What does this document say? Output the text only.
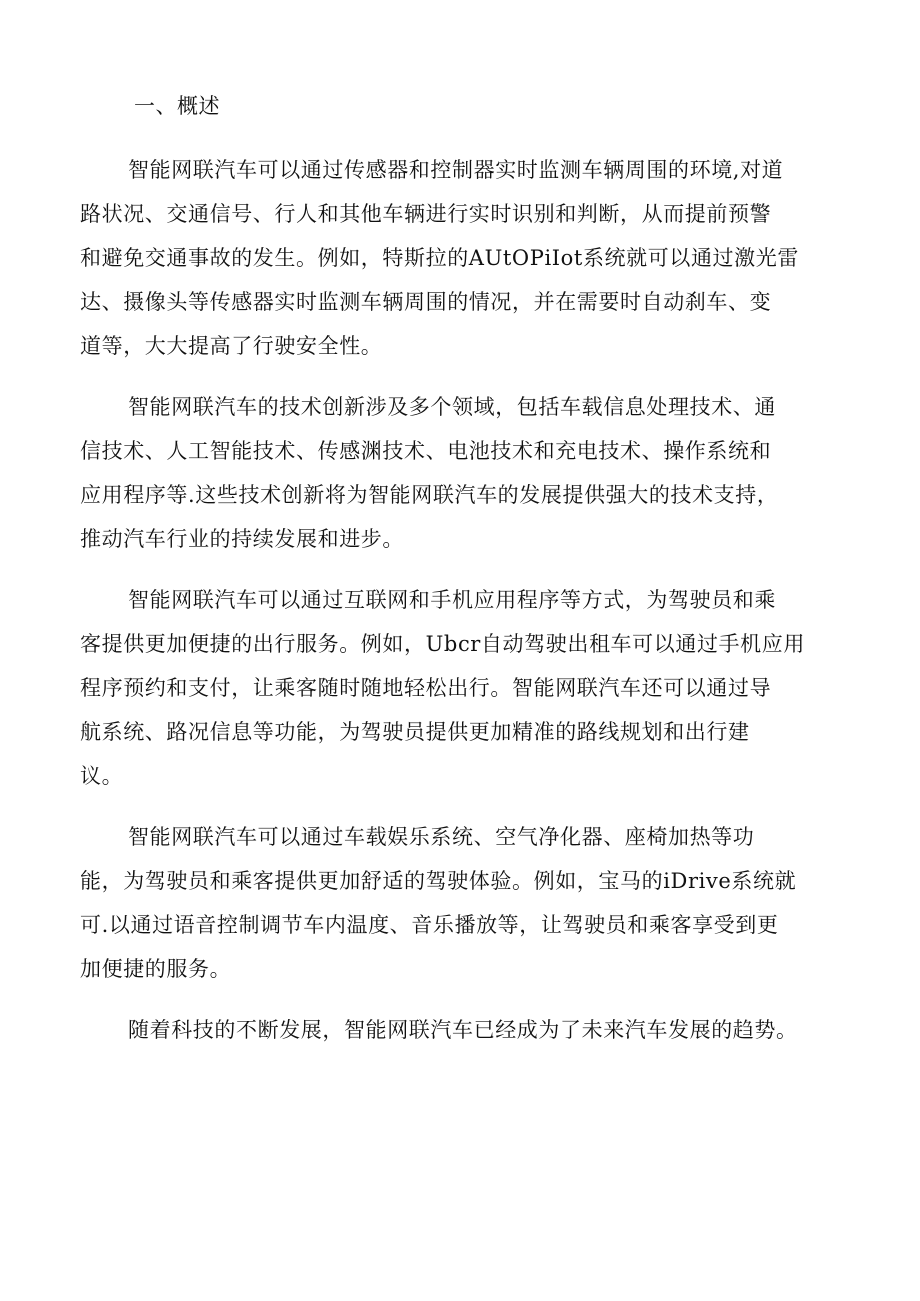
一、概述
智能网联汽车可以通过传感器和控制器实时监测车辆周围的环境,对道
路状况、交通信号、行人和其他车辆进行实时识别和判断，从而提前预警
和避免交通事故的发生。例如，特斯拉的AUtOPiIot系统就可以通过激光雷
达、摄像头等传感器实时监测车辆周围的情况，并在需要时自动刹车、变
道等，大大提高了行驶安全性。
智能网联汽车的技术创新涉及多个领域，包括车载信息处理技术、通
信技术、人工智能技术、传感渊技术、电池技术和充电技术、操作系统和
应用程序等.这些技术创新将为智能网联汽车的发展提供强大的技术支持，
推动汽车行业的持续发展和进步。
智能网联汽车可以通过互联网和手机应用程序等方式，为驾驶员和乘
客提供更加便捷的出行服务。例如，Ubcr自动驾驶出租车可以通过手机应用
程序预约和支付，让乘客随时随地轻松出行。智能网联汽车还可以通过导
航系统、路况信息等功能，为驾驶员提供更加精准的路线规划和出行建
议。
智能网联汽车可以通过车载娱乐系统、空气净化器、座椅加热等功
能，为驾驶员和乘客提供更加舒适的驾驶体验。例如，宝马的iDrive系统就
可.以通过语音控制调节车内温度、音乐播放等，让驾驶员和乘客享受到更
加便捷的服务。
随着科技的不断发展，智能网联汽车已经成为了未来汽车发展的趋势。
